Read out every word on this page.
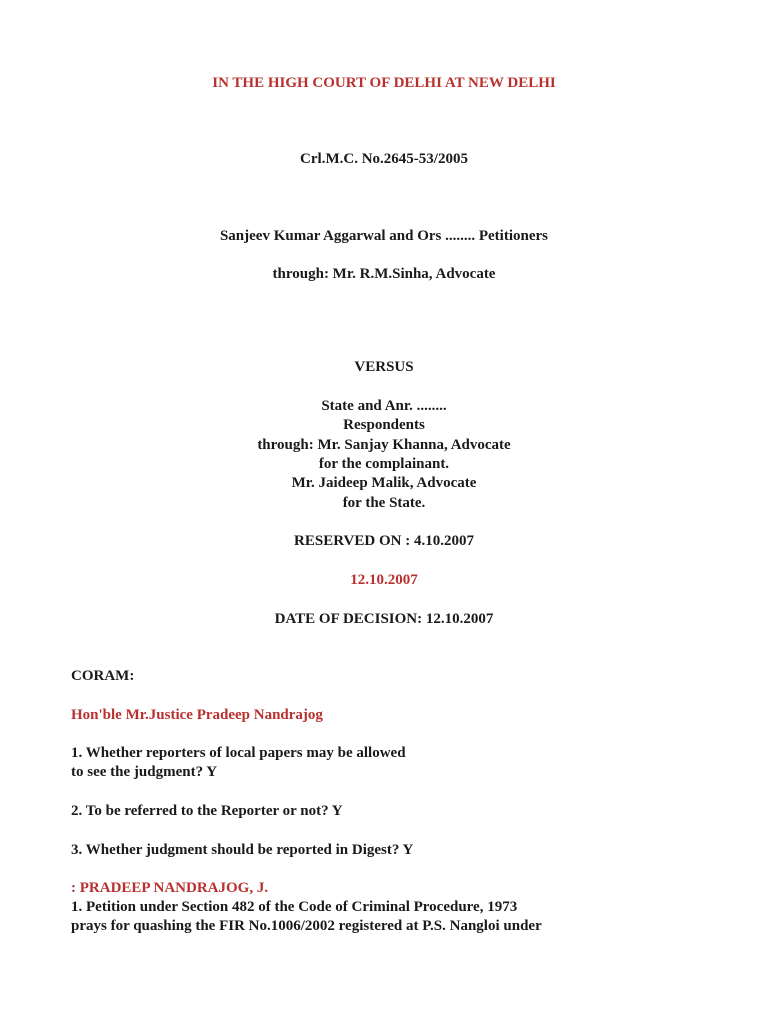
IN THE HIGH COURT OF DELHI AT NEW DELHI
Crl.M.C. No.2645-53/2005
Sanjeev Kumar Aggarwal and Ors ........ Petitioners
through: Mr. R.M.Sinha, Advocate
VERSUS
State and Anr. ........
Respondents
through: Mr. Sanjay Khanna, Advocate
for the complainant.
Mr. Jaideep Malik, Advocate
for the State.
RESERVED ON : 4.10.2007
12.10.2007
DATE OF DECISION: 12.10.2007
CORAM:
Hon'ble Mr.Justice Pradeep Nandrajog
1. Whether reporters of local papers may be allowed
to see the judgment? Y
2. To be referred to the Reporter or not? Y
3. Whether judgment should be reported in Digest? Y
: PRADEEP NANDRAJOG, J.
1. Petition under Section 482 of the Code of Criminal Procedure, 1973
prays for quashing the FIR No.1006/2002 registered at P.S. Nangloi under
